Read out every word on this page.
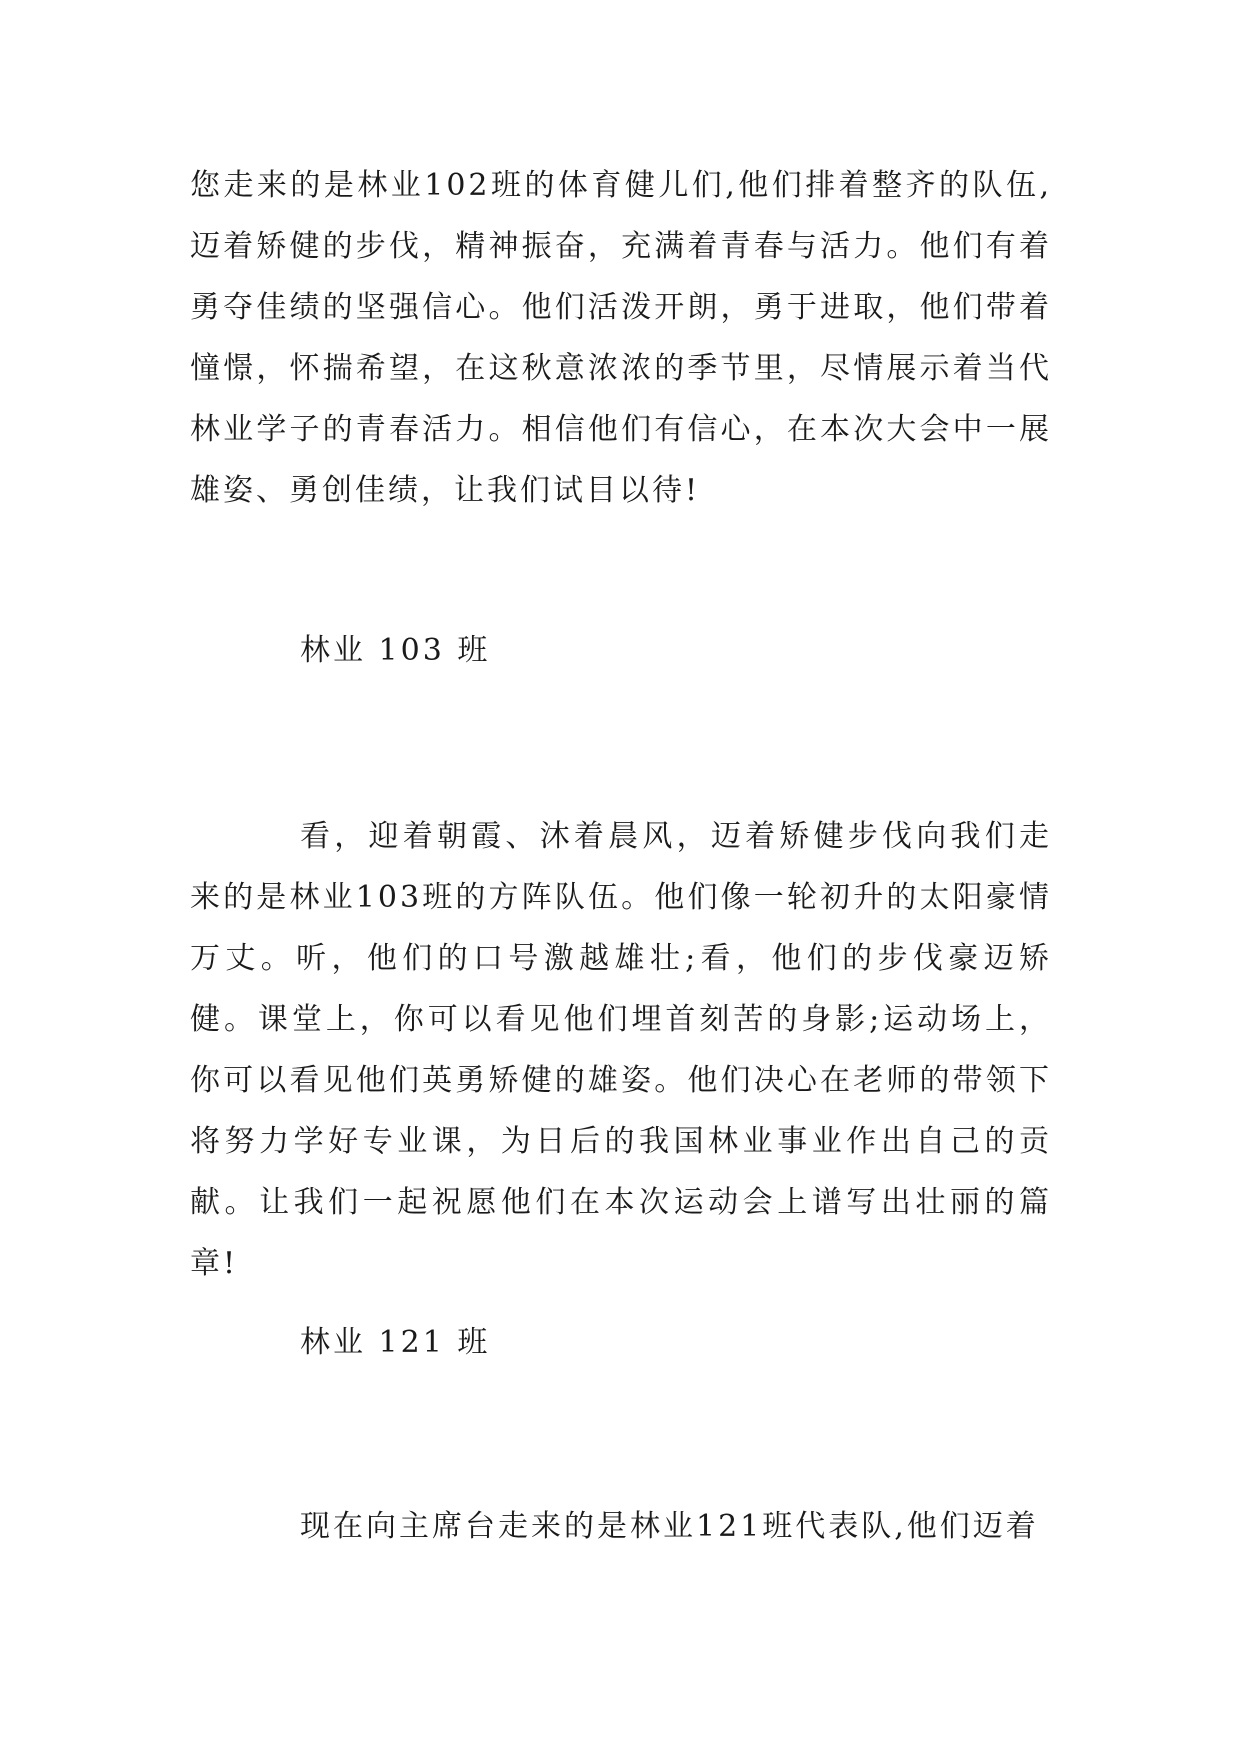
您走来的是林业102班的体育健儿们,他们排着整齐的队伍,迈着矫健的步伐，精神振奋，充满着青春与活力。他们有着勇夺佳绩的坚强信心。他们活泼开朗，勇于进取，他们带着憧憬，怀揣希望，在这秋意浓浓的季节里，尽情展示着当代林业学子的青春活力。相信他们有信心，在本次大会中一展雄姿、勇创佳绩，让我们试目以待!

林业 103 班

看，迎着朝霞、沐着晨风，迈着矫健步伐向我们走来的是林业103班的方阵队伍。他们像一轮初升的太阳豪情万丈。听，他们的口号激越雄壮;看，他们的步伐豪迈矫健。课堂上，你可以看见他们埋首刻苦的身影;运动场上，你可以看见他们英勇矫健的雄姿。他们决心在老师的带领下将努力学好专业课，为日后的我国林业事业作出自己的贡献。让我们一起祝愿他们在本次运动会上谱写出壮丽的篇章!

林业 121 班

现在向主席台走来的是林业121班代表队,他们迈着
